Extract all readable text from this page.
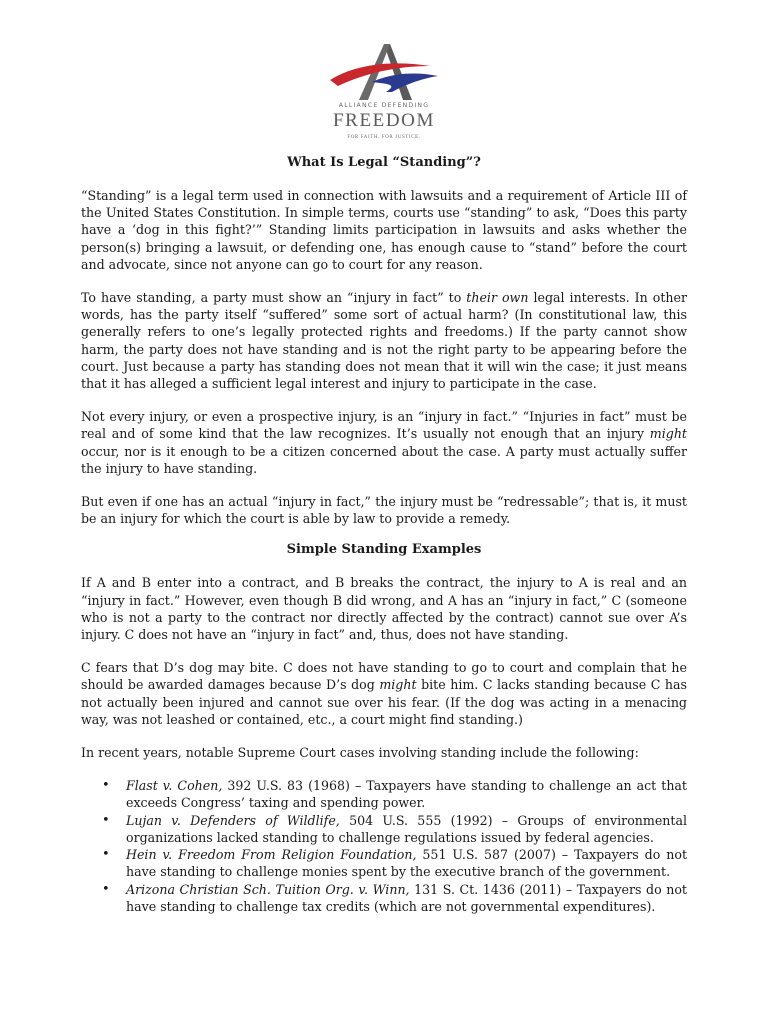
ALLIANCE DEFENDING
FREEDOM
FOR FAITH. FOR JUSTICE.
What Is Legal “Standing”?

“Standing” is a legal term used in connection with lawsuits and a requirement of Article III of the United States Constitution. In simple terms, courts use “standing” to ask, “Does this party have a ‘dog in this fight?’” Standing limits participation in lawsuits and asks whether the person(s) bringing a lawsuit, or defending one, has enough cause to “stand” before the court and advocate, since not anyone can go to court for any reason.

To have standing, a party must show an “injury in fact” to their own legal interests. In other words, has the party itself “suffered” some sort of actual harm? (In constitutional law, this generally refers to one’s legally protected rights and freedoms.) If the party cannot show harm, the party does not have standing and is not the right party to be appearing before the court. Just because a party has standing does not mean that it will win the case; it just means that it has alleged a sufficient legal interest and injury to participate in the case.

Not every injury, or even a prospective injury, is an “injury in fact.” “Injuries in fact” must be real and of some kind that the law recognizes. It’s usually not enough that an injury might occur, nor is it enough to be a citizen concerned about the case. A party must actually suffer the injury to have standing.

But even if one has an actual “injury in fact,” the injury must be “redressable”; that is, it must be an injury for which the court is able by law to provide a remedy.

Simple Standing Examples

If A and B enter into a contract, and B breaks the contract, the injury to A is real and an “injury in fact.” However, even though B did wrong, and A has an “injury in fact,” C (someone who is not a party to the contract nor directly affected by the contract) cannot sue over A’s injury. C does not have an “injury in fact” and, thus, does not have standing.

C fears that D’s dog may bite. C does not have standing to go to court and complain that he should be awarded damages because D’s dog might bite him. C lacks standing because C has not actually been injured and cannot sue over his fear. (If the dog was acting in a menacing way, was not leashed or contained, etc., a court might find standing.)

In recent years, notable Supreme Court cases involving standing include the following:

• Flast v. Cohen, 392 U.S. 83 (1968) – Taxpayers have standing to challenge an act that exceeds Congress’ taxing and spending power.
• Lujan v. Defenders of Wildlife, 504 U.S. 555 (1992) – Groups of environmental organizations lacked standing to challenge regulations issued by federal agencies.
• Hein v. Freedom From Religion Foundation, 551 U.S. 587 (2007) – Taxpayers do not have standing to challenge monies spent by the executive branch of the government.
• Arizona Christian Sch. Tuition Org. v. Winn, 131 S. Ct. 1436 (2011) – Taxpayers do not have standing to challenge tax credits (which are not governmental expenditures).
